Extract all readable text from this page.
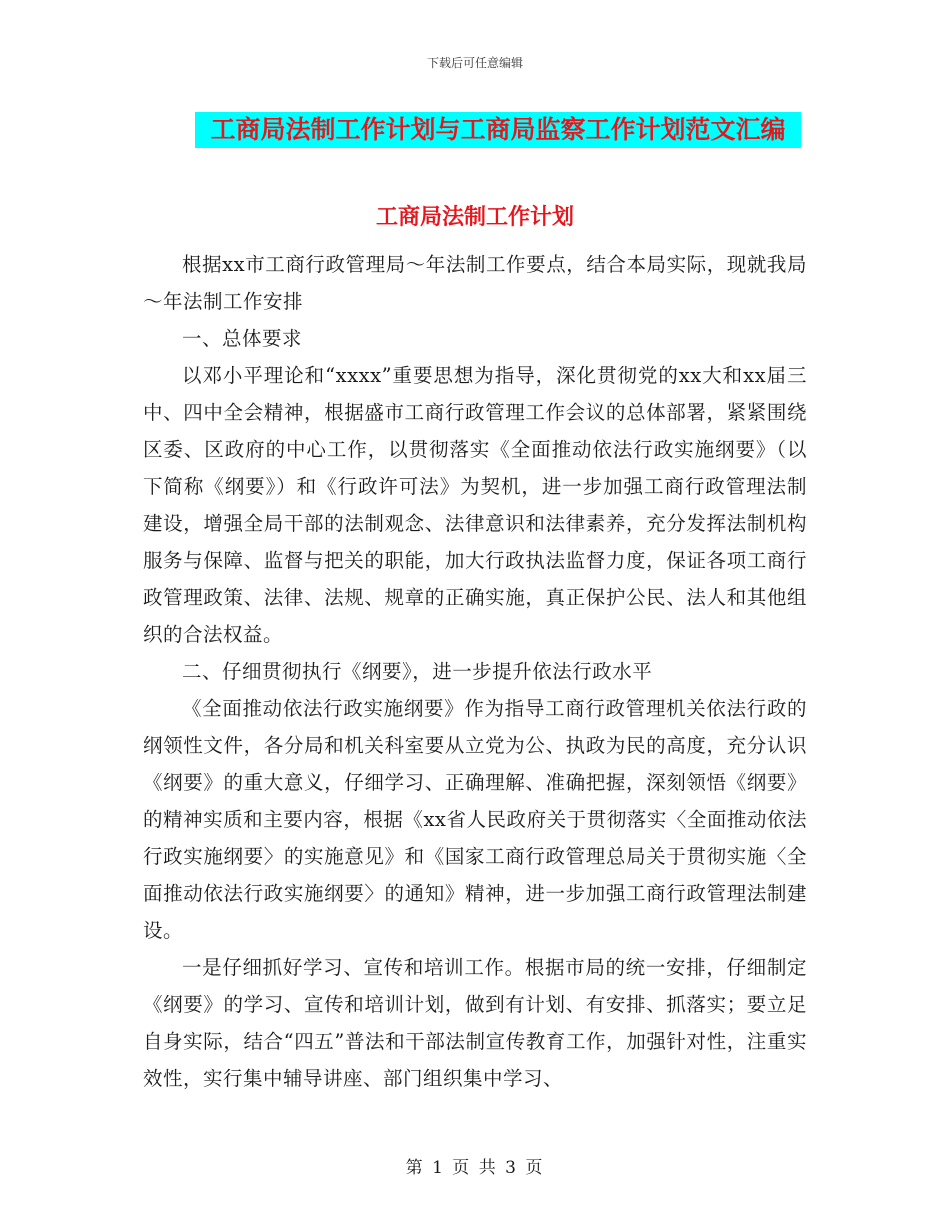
下载后可任意编辑
工商局法制工作计划与工商局监察工作计划范文汇编
工商局法制工作计划

根据xx市工商行政管理局～年法制工作要点，结合本局实际，现就我局～年法制工作安排

一、总体要求

以邓小平理论和“xxxx”重要思想为指导，深化贯彻党的xx大和xx届三中、四中全会精神，根据盛市工商行政管理工作会议的总体部署，紧紧围绕区委、区政府的中心工作，以贯彻落实《全面推动依法行政实施纲要》（以下简称《纲要》）和《行政许可法》为契机，进一步加强工商行政管理法制建设，增强全局干部的法制观念、法律意识和法律素养，充分发挥法制机构服务与保障、监督与把关的职能，加大行政执法监督力度，保证各项工商行政管理政策、法律、法规、规章的正确实施，真正保护公民、法人和其他组织的合法权益。

二、仔细贯彻执行《纲要》，进一步提升依法行政水平

《全面推动依法行政实施纲要》作为指导工商行政管理机关依法行政的纲领性文件，各分局和机关科室要从立党为公、执政为民的高度，充分认识《纲要》的重大意义，仔细学习、正确理解、准确把握，深刻领悟《纲要》的精神实质和主要内容，根据《xx省人民政府关于贯彻落实〈全面推动依法行政实施纲要〉的实施意见》和《国家工商行政管理总局关于贯彻实施〈全面推动依法行政实施纲要〉的通知》精神，进一步加强工商行政管理法制建设。

一是仔细抓好学习、宣传和培训工作。根据市局的统一安排，仔细制定《纲要》的学习、宣传和培训计划，做到有计划、有安排、抓落实；要立足自身实际，结合“四五”普法和干部法制宣传教育工作，加强针对性，注重实效性，实行集中辅导讲座、部门组织集中学习、

第 1 页 共 3 页
